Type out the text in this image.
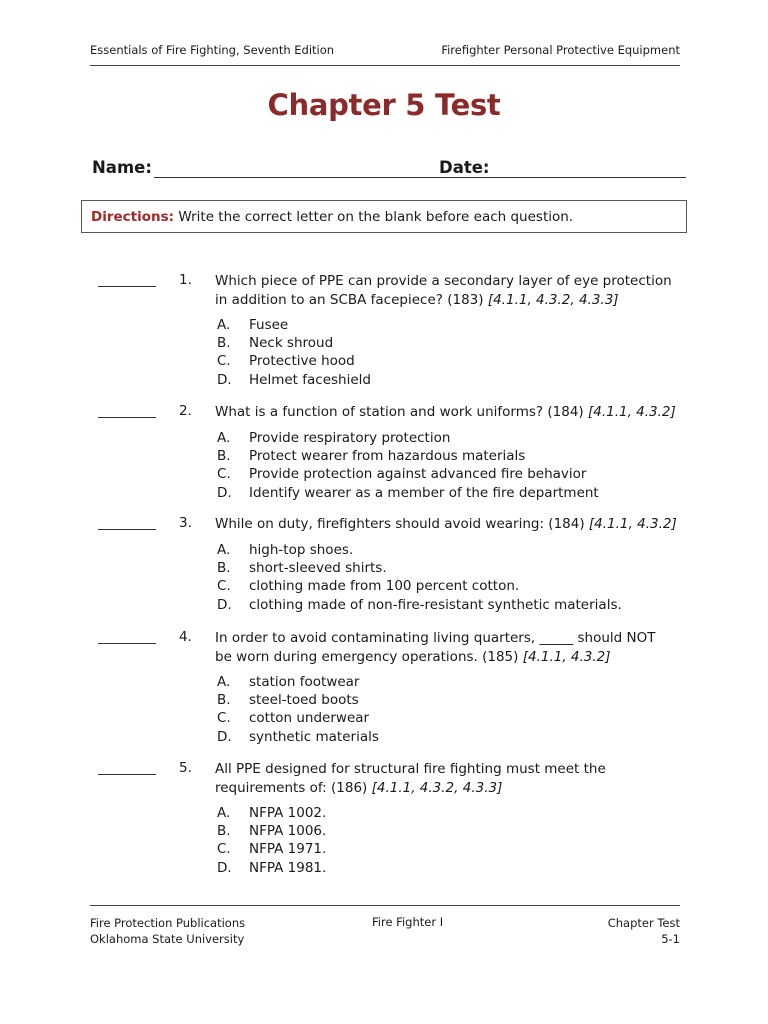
Essentials of Fire Fighting, Seventh Edition	Firefighter Personal Protective Equipment
Chapter 5 Test
Name:	Date:
Directions: Write the correct letter on the blank before each question.
1. Which piece of PPE can provide a secondary layer of eye protection
in addition to an SCBA facepiece? (183) [4.1.1, 4.3.2, 4.3.3]
A. Fusee
B. Neck shroud
C. Protective hood
D. Helmet faceshield
2. What is a function of station and work uniforms? (184) [4.1.1, 4.3.2]
A. Provide respiratory protection
B. Protect wearer from hazardous materials
C. Provide protection against advanced fire behavior
D. Identify wearer as a member of the fire department
3. While on duty, firefighters should avoid wearing: (184) [4.1.1, 4.3.2]
A. high-top shoes.
B. short-sleeved shirts.
C. clothing made from 100 percent cotton.
D. clothing made of non-fire-resistant synthetic materials.
4. In order to avoid contaminating living quarters, _____ should NOT
be worn during emergency operations. (185) [4.1.1, 4.3.2]
A. station footwear
B. steel-toed boots
C. cotton underwear
D. synthetic materials
5. All PPE designed for structural fire fighting must meet the
requirements of: (186) [4.1.1, 4.3.2, 4.3.3]
A. NFPA 1002.
B. NFPA 1006.
C. NFPA 1971.
D. NFPA 1981.
Fire Protection Publications
Oklahoma State University
Fire Fighter I	Chapter Test
5-1
